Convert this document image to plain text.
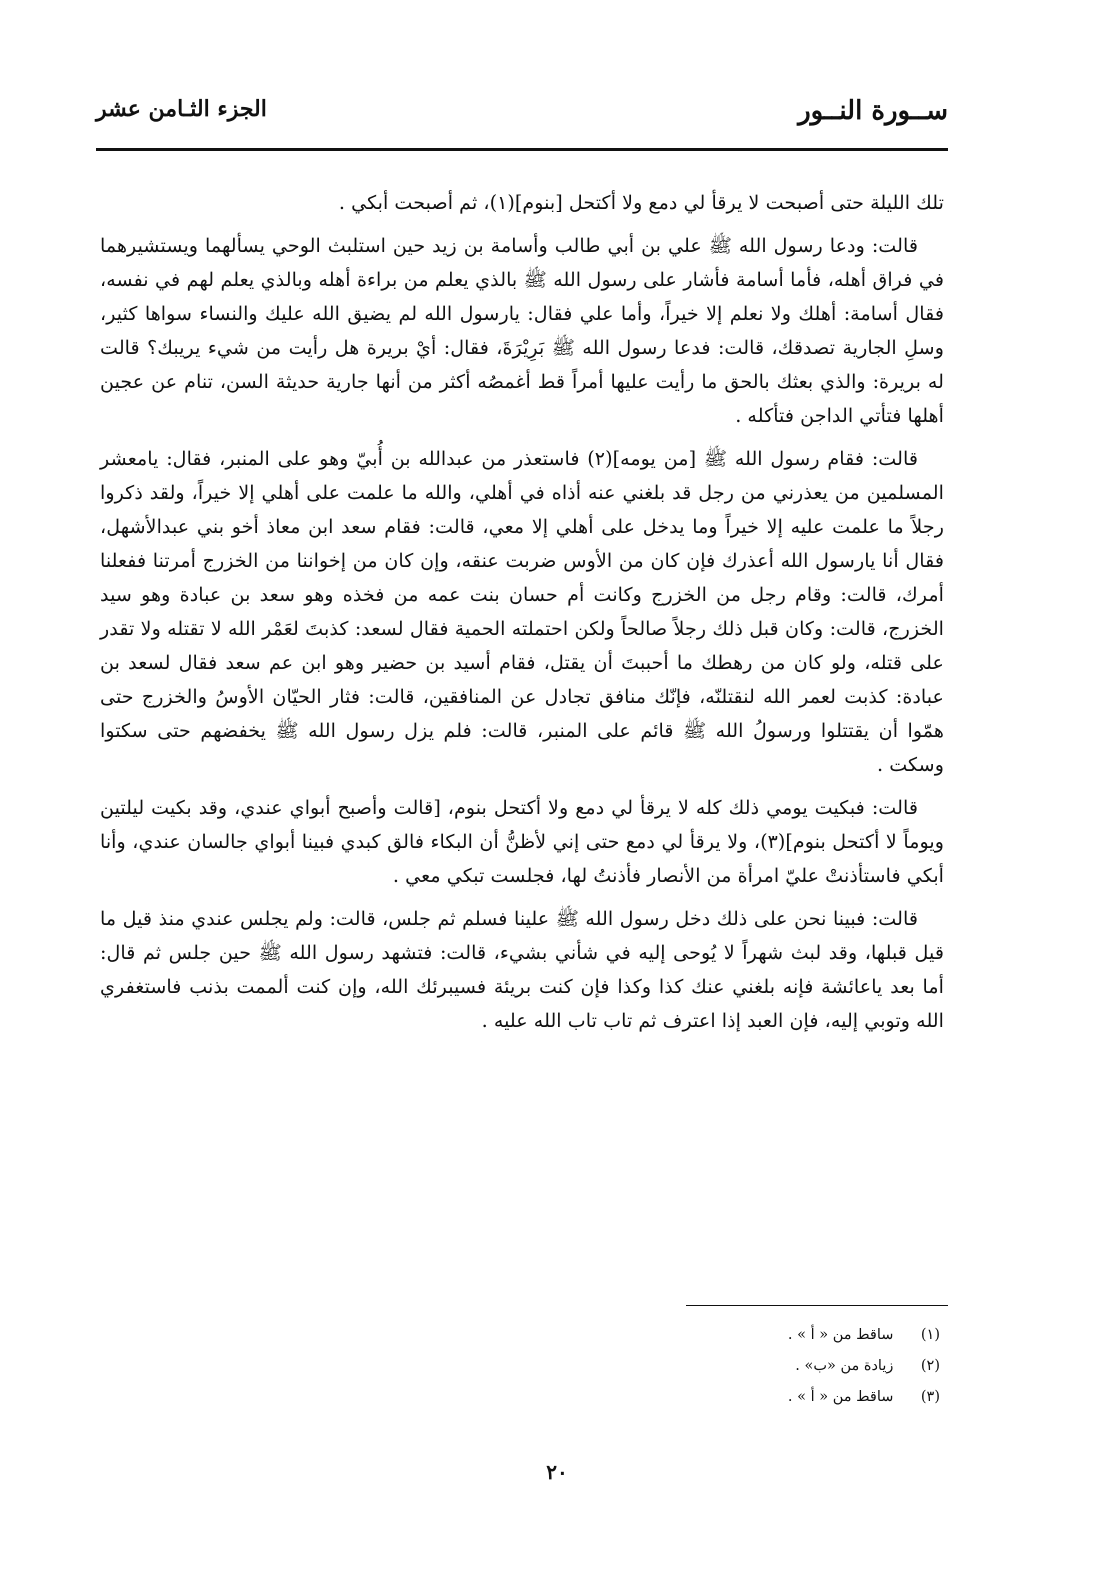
ســورة النــور
الجزء الثـامن عشر

تلك الليلة حتى أصبحت لا يرقأ لي دمع ولا أكتحل [بنوم](١)، ثم أصبحت أبكي .

قالت: ودعا رسول الله ﷺ علي بن أبي طالب وأسامة بن زيد حين استلبث الوحي يسألهما ويستشيرهما في فراق أهله، فأما أسامة فأشار على رسول الله ﷺ بالذي يعلم من براءة أهله وبالذي يعلم لهم في نفسه، فقال أسامة: أهلك ولا نعلم إلا خيراً، وأما علي فقال: يارسول الله لم يضيق الله عليك والنساء سواها كثير، وسلِ الجارية تصدقك، قالت: فدعا رسول الله ﷺ بَرِيْرَةَ، فقال: أيْ بريرة هل رأيت من شيء يريبك؟ قالت له بريرة: والذي بعثك بالحق ما رأيت عليها أمراً قط أغمصُه أكثر من أنها جارية حديثة السن، تنام عن عجين أهلها فتأتي الداجن فتأكله .

قالت: فقام رسول الله ﷺ [من يومه](٢) فاستعذر من عبدالله بن أُبيّ وهو على المنبر، فقال: يامعشر المسلمين من يعذرني من رجل قد بلغني عنه أذاه في أهلي، والله ما علمت على أهلي إلا خيراً، ولقد ذكروا رجلاً ما علمت عليه إلا خيراً وما يدخل على أهلي إلا معي، قالت: فقام سعد ابن معاذ أخو بني عبدالأشهل، فقال أنا يارسول الله أعذرك فإن كان من الأوس ضربت عنقه، وإن كان من إخواننا من الخزرج أمرتنا ففعلنا أمرك، قالت: وقام رجل من الخزرج وكانت أم حسان بنت عمه من فخذه وهو سعد بن عبادة وهو سيد الخزرج، قالت: وكان قبل ذلك رجلاً صالحاً ولكن احتملته الحمية فقال لسعد: كذبتَ لعَمْر الله لا تقتله ولا تقدر على قتله، ولو كان من رهطك ما أحببتَ أن يقتل، فقام أسيد بن حضير وهو ابن عم سعد فقال لسعد بن عبادة: كذبت لعمر الله لنقتلنّه، فإنّك منافق تجادل عن المنافقين، قالت: فثار الحيّان الأوسُ والخزرج حتى همّوا أن يقتتلوا ورسولُ الله ﷺ قائم على المنبر، قالت: فلم يزل رسول الله ﷺ يخفضهم حتى سكتوا وسكت .

قالت: فبكيت يومي ذلك كله لا يرقأ لي دمع ولا أكتحل بنوم، [قالت وأصبح أبواي عندي، وقد بكيت ليلتين ويوماً لا أكتحل بنوم](٣)، ولا يرقأ لي دمع حتى إني لأظنُّ أن البكاء فالق كبدي فبينا أبواي جالسان عندي، وأنا أبكي فاستأذنتْ عليّ امرأة من الأنصار فأذنتُ لها، فجلست تبكي معي .

قالت: فبينا نحن على ذلك دخل رسول الله ﷺ علينا فسلم ثم جلس، قالت: ولم يجلس عندي منذ قيل ما قيل قبلها، وقد لبث شهراً لا يُوحى إليه في شأني بشيء، قالت: فتشهد رسول الله ﷺ حين جلس ثم قال: أما بعد ياعائشة فإنه بلغني عنك كذا وكذا فإن كنت بريئة فسيبرئك الله، وإن كنت ألممت بذنب فاستغفري الله وتوبي إليه، فإن العبد إذا اعترف ثم تاب تاب الله عليه .

(١) ساقط من « أ » .
(٢) زيادة من «ب» .
(٣) ساقط من « أ » .
٢٠
